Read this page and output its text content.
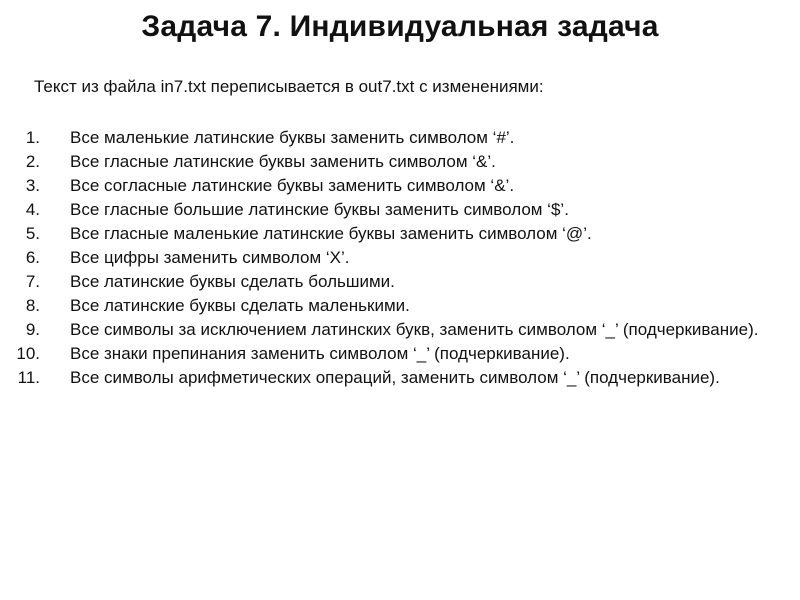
Задача 7. Индивидуальная задача
Текст из файла in7.txt переписывается в out7.txt с изменениями:
1. Все маленькие латинские буквы заменить символом ‘#’.
2. Все гласные латинские буквы заменить символом ‘&’.
3. Все согласные латинские буквы заменить символом ‘&’.
4. Все гласные большие латинские буквы заменить символом ‘$’.
5. Все гласные маленькие латинские буквы заменить символом ‘@’.
6. Все цифры заменить символом ‘X’.
7. Все латинские буквы сделать большими.
8. Все латинские буквы сделать маленькими.
9. Все символы за исключением латинских букв, заменить символом ‘_’ (подчеркивание).
10. Все знаки препинания заменить символом ‘_’ (подчеркивание).
11. Все символы арифметических операций, заменить символом ‘_’ (подчеркивание).
